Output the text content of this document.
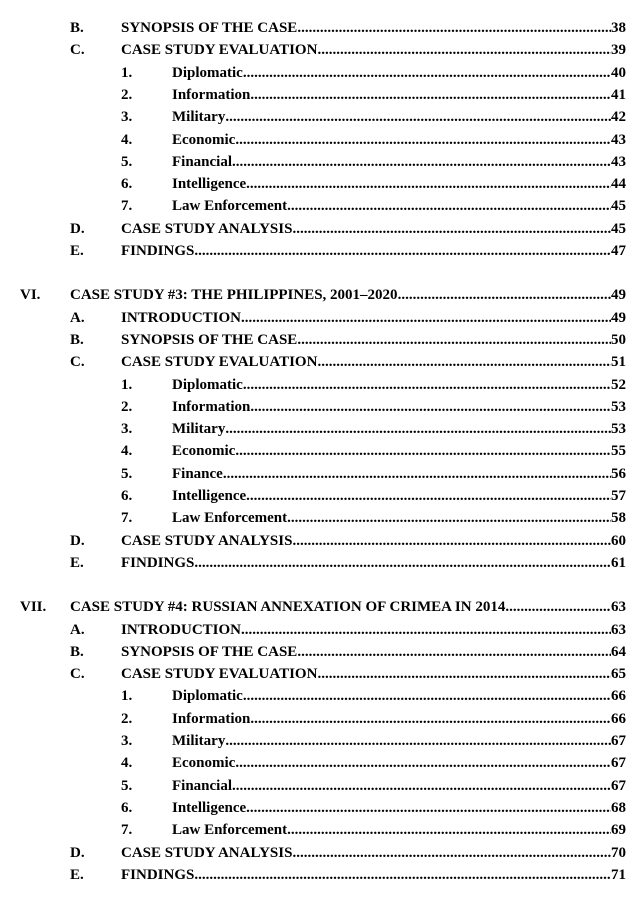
B. SYNOPSIS OF THE CASE .....	38
C. CASE STUDY EVALUATION .....	39
1.	Diplomatic .....	40
2.	Information .....	41
3.	Military .....	42
4.	Economic .....	43
5.	Financial .....	43
6.	Intelligence .....	44
7.	Law Enforcement .....	45
D. CASE STUDY ANALYSIS .....	45
E. FINDINGS .....	47
VI. CASE STUDY #3: THE PHILIPPINES, 2001–2020 .....	49
A. INTRODUCTION .....	49
B. SYNOPSIS OF THE CASE .....	50
C. CASE STUDY EVALUATION .....	51
1.	Diplomatic .....	52
2.	Information .....	53
3.	Military .....	53
4.	Economic .....	55
5.	Finance .....	56
6.	Intelligence .....	57
7.	Law Enforcement .....	58
D. CASE STUDY ANALYSIS .....	60
E. FINDINGS .....	61
VII. CASE STUDY #4: RUSSIAN ANNEXATION OF CRIMEA IN 2014 .....	63
A. INTRODUCTION .....	63
B. SYNOPSIS OF THE CASE .....	64
C. CASE STUDY EVALUATION .....	65
1.	Diplomatic .....	66
2.	Information .....	66
3.	Military .....	67
4.	Economic .....	67
5.	Financial .....	67
6.	Intelligence .....	68
7.	Law Enforcement .....	69
D. CASE STUDY ANALYSIS .....	70
E. FINDINGS .....	71
